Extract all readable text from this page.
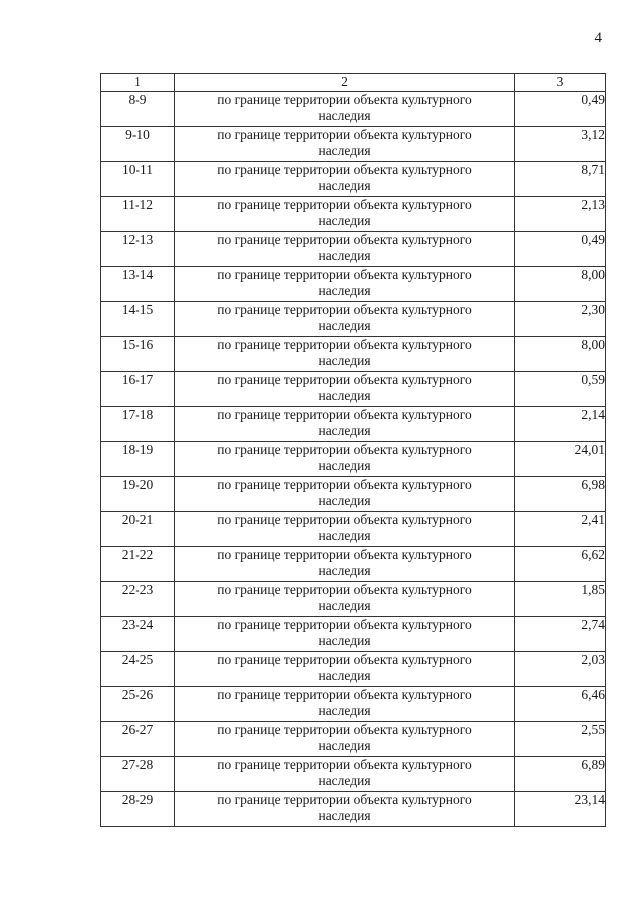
4
1	2	3
8-9	по границе территории объекта культурного наследия	0,49
9-10	по границе территории объекта культурного наследия	3,12
10-11	по границе территории объекта культурного наследия	8,71
11-12	по границе территории объекта культурного наследия	2,13
12-13	по границе территории объекта культурного наследия	0,49
13-14	по границе территории объекта культурного наследия	8,00
14-15	по границе территории объекта культурного наследия	2,30
15-16	по границе территории объекта культурного наследия	8,00
16-17	по границе территории объекта культурного наследия	0,59
17-18	по границе территории объекта культурного наследия	2,14
18-19	по границе территории объекта культурного наследия	24,01
19-20	по границе территории объекта культурного наследия	6,98
20-21	по границе территории объекта культурного наследия	2,41
21-22	по границе территории объекта культурного наследия	6,62
22-23	по границе территории объекта культурного наследия	1,85
23-24	по границе территории объекта культурного наследия	2,74
24-25	по границе территории объекта культурного наследия	2,03
25-26	по границе территории объекта культурного наследия	6,46
26-27	по границе территории объекта культурного наследия	2,55
27-28	по границе территории объекта культурного наследия	6,89
28-29	по границе территории объекта культурного наследия	23,14
